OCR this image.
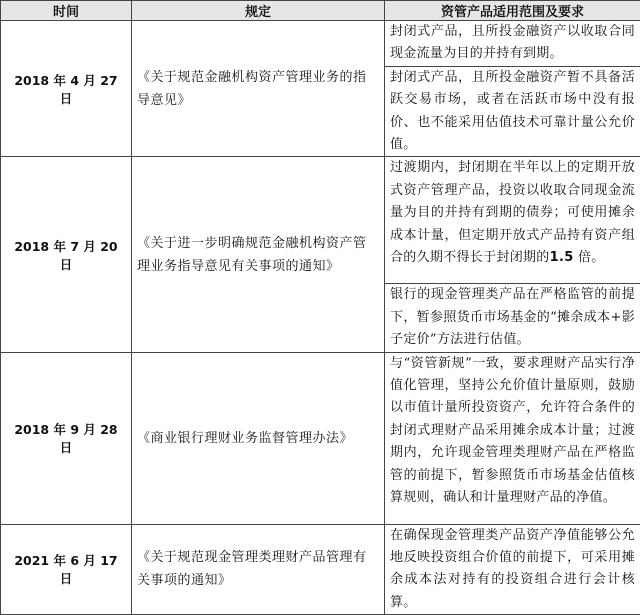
时间	规定	资管产品适用范围及要求
2018 年 4 月 27 日	《关于规范金融机构资产管理业务的指导意见》	封闭式产品，且所投金融资产以收取合同现金流量为目的并持有到期。
		封闭式产品，且所投金融资产暂不具备活跃交易市场，或者在活跃市场中没有报价、也不能采用估值技术可靠计量公允价值。
2018 年 7 月 20 日	《关于进一步明确规范金融机构资产管理业务指导意见有关事项的通知》	过渡期内，封闭期在半年以上的定期开放式资产管理产品，投资以收取合同现金流量为目的并持有到期的债券；可使用摊余成本计量，但定期开放式产品持有资产组合的久期不得长于封闭期的1.5 倍。
		银行的现金管理类产品在严格监管的前提下，暂参照货币市场基金的“摊余成本+影子定价”方法进行估值。
2018 年 9 月 28 日	《商业银行理财业务监督管理办法》	与“资管新规”一致，要求理财产品实行净值化管理，坚持公允价值计量原则，鼓励以市值计量所投资资产，允许符合条件的封闭式理财产品采用摊余成本计量；过渡期内，允许现金管理类理财产品在严格监管的前提下，暂参照货币市场基金估值核算规则，确认和计量理财产品的净值。
2021 年 6 月 17 日	《关于规范现金管理类理财产品管理有关事项的通知》	在确保现金管理类产品资产净值能够公允地反映投资组合价值的前提下，可采用摊余成本法对持有的投资组合进行会计核算。
